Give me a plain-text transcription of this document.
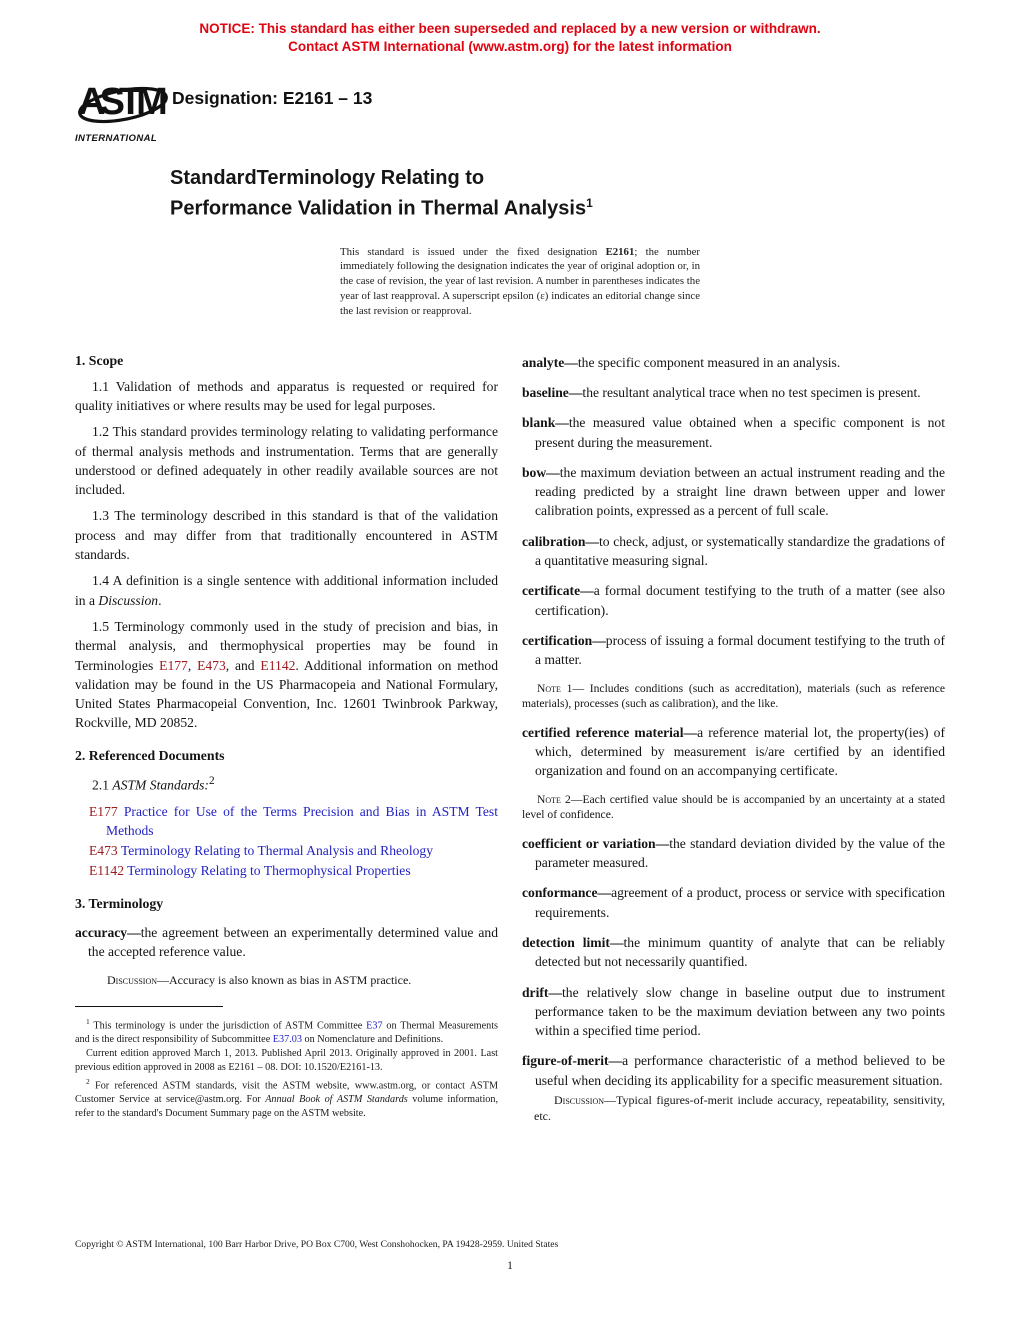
NOTICE: This standard has either been superseded and replaced by a new version or withdrawn.
Contact ASTM International (www.astm.org) for the latest information
ASTM
INTERNATIONAL
Designation: E2161 – 13
StandardTerminology Relating to
Performance Validation in Thermal Analysis$^1$
This standard is issued under the fixed designation E2161; the number immediately following the designation indicates the year of original adoption or, in the case of revision, the year of last revision. A number in parentheses indicates the year of last reapproval. A superscript epsilon (ε) indicates an editorial change since the last revision or reapproval.
1. Scope
1.1 Validation of methods and apparatus is requested or required for quality initiatives or where results may be used for legal purposes.
1.2 This standard provides terminology relating to validating performance of thermal analysis methods and instrumentation. Terms that are generally understood or defined adequately in other readily available sources are not included.
1.3 The terminology described in this standard is that of the validation process and may differ from that traditionally encountered in ASTM standards.
1.4 A definition is a single sentence with additional information included in a Discussion.
1.5 Terminology commonly used in the study of precision and bias, in thermal analysis, and thermophysical properties may be found in Terminologies E177, E473, and E1142. Additional information on method validation may be found in the US Pharmacopeia and National Formulary, United States Pharmacopeial Convention, Inc. 12601 Twinbrook Parkway, Rockville, MD 20852.
2. Referenced Documents
2.1 ASTM Standards:$^2$
E177 Practice for Use of the Terms Precision and Bias in ASTM Test Methods
E473 Terminology Relating to Thermal Analysis and Rheology
E1142 Terminology Relating to Thermophysical Properties
3. Terminology
accuracy—the agreement between an experimentally determined value and the accepted reference value.
Discussion—Accuracy is also known as bias in ASTM practice.
$^1$ This terminology is under the jurisdiction of ASTM Committee E37 on Thermal Measurements and is the direct responsibility of Subcommittee E37.03 on Nomenclature and Definitions.
Current edition approved March 1, 2013. Published April 2013. Originally approved in 2001. Last previous edition approved in 2008 as E2161 – 08. DOI: 10.1520/E2161-13.
$^2$ For referenced ASTM standards, visit the ASTM website, www.astm.org, or contact ASTM Customer Service at service@astm.org. For Annual Book of ASTM Standards volume information, refer to the standard's Document Summary page on the ASTM website.
analyte—the specific component measured in an analysis.
baseline—the resultant analytical trace when no test specimen is present.
blank—the measured value obtained when a specific component is not present during the measurement.
bow—the maximum deviation between an actual instrument reading and the reading predicted by a straight line drawn between upper and lower calibration points, expressed as a percent of full scale.
calibration—to check, adjust, or systematically standardize the gradations of a quantitative measuring signal.
certificate—a formal document testifying to the truth of a matter (see also certification).
certification—process of issuing a formal document testifying to the truth of a matter.
Note 1— Includes conditions (such as accreditation), materials (such as reference materials), processes (such as calibration), and the like.
certified reference material—a reference material lot, the property(ies) of which, determined by measurement is/are certified by an identified organization and found on an accompanying certificate.
Note 2—Each certified value should be is accompanied by an uncertainty at a stated level of confidence.
coefficient or variation—the standard deviation divided by the value of the parameter measured.
conformance—agreement of a product, process or service with specification requirements.
detection limit—the minimum quantity of analyte that can be reliably detected but not necessarily quantified.
drift—the relatively slow change in baseline output due to instrument performance taken to be the maximum deviation between any two points within a specified time period.
figure-of-merit—a performance characteristic of a method believed to be useful when deciding its applicability for a specific measurement situation.
Discussion—Typical figures-of-merit include accuracy, repeatability, sensitivity, etc.
Copyright © ASTM International, 100 Barr Harbor Drive, PO Box C700, West Conshohocken, PA 19428-2959. United States
1
